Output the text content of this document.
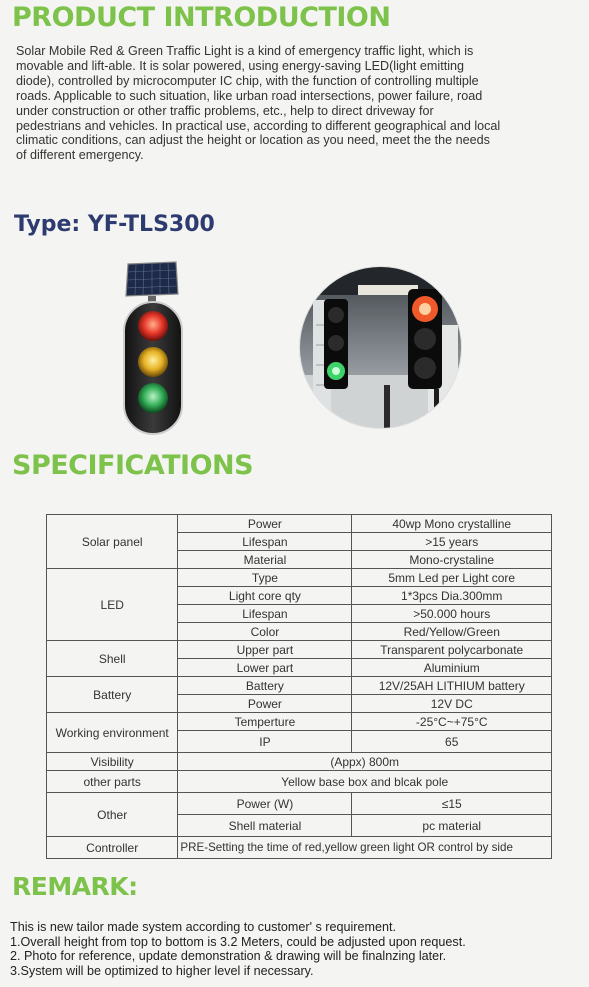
PRODUCT INTRODUCTION
Solar Mobile Red & Green Traffic Light is a kind of emergency traffic light, which is
movable and lift-able. It is solar powered, using energy-saving LED(light emitting
diode), controlled by microcomputer IC chip, with the function of controlling multiple
roads. Applicable to such situation, like urban road intersections, power failure, road
under construction or other traffic problems, etc., help to direct driveway for
pedestrians and vehicles. In practical use, according to different geographical and local
climatic conditions, can adjust the height or location as you need, meet the the needs
of different emergency.
Type: YF-TLS300
SPECIFICATIONS
Solar panel	Power	40wp Mono crystalline
	Lifespan	>15 years
	Material	Mono-crystaline
LED	Type	5mm Led per Light core
	Light core qty	1*3pcs Dia.300mm
	Lifespan	>50.000 hours
	Color	Red/Yellow/Green
Shell	Upper part	Transparent polycarbonate
	Lower part	Aluminium
Battery	Battery	12V/25AH LITHIUM battery
	Power	12V DC
Working environment	Temperture	-25°C~+75°C
	IP	65
Visibility	(Appx) 800m	
other parts	Yellow base box and blcak pole	
Other	Power (W)	≤15
	Shell material	pc material
Controller	PRE-Setting the time of red,yellow green light OR control by side	
REMARK:
This is new tailor made system according to customer' s requirement.
1.Overall height from top to bottom is 3.2 Meters, could be adjusted upon request.
2. Photo for reference, update demonstration & drawing will be finalnzing later.
3.System will be optimized to higher level if necessary.
